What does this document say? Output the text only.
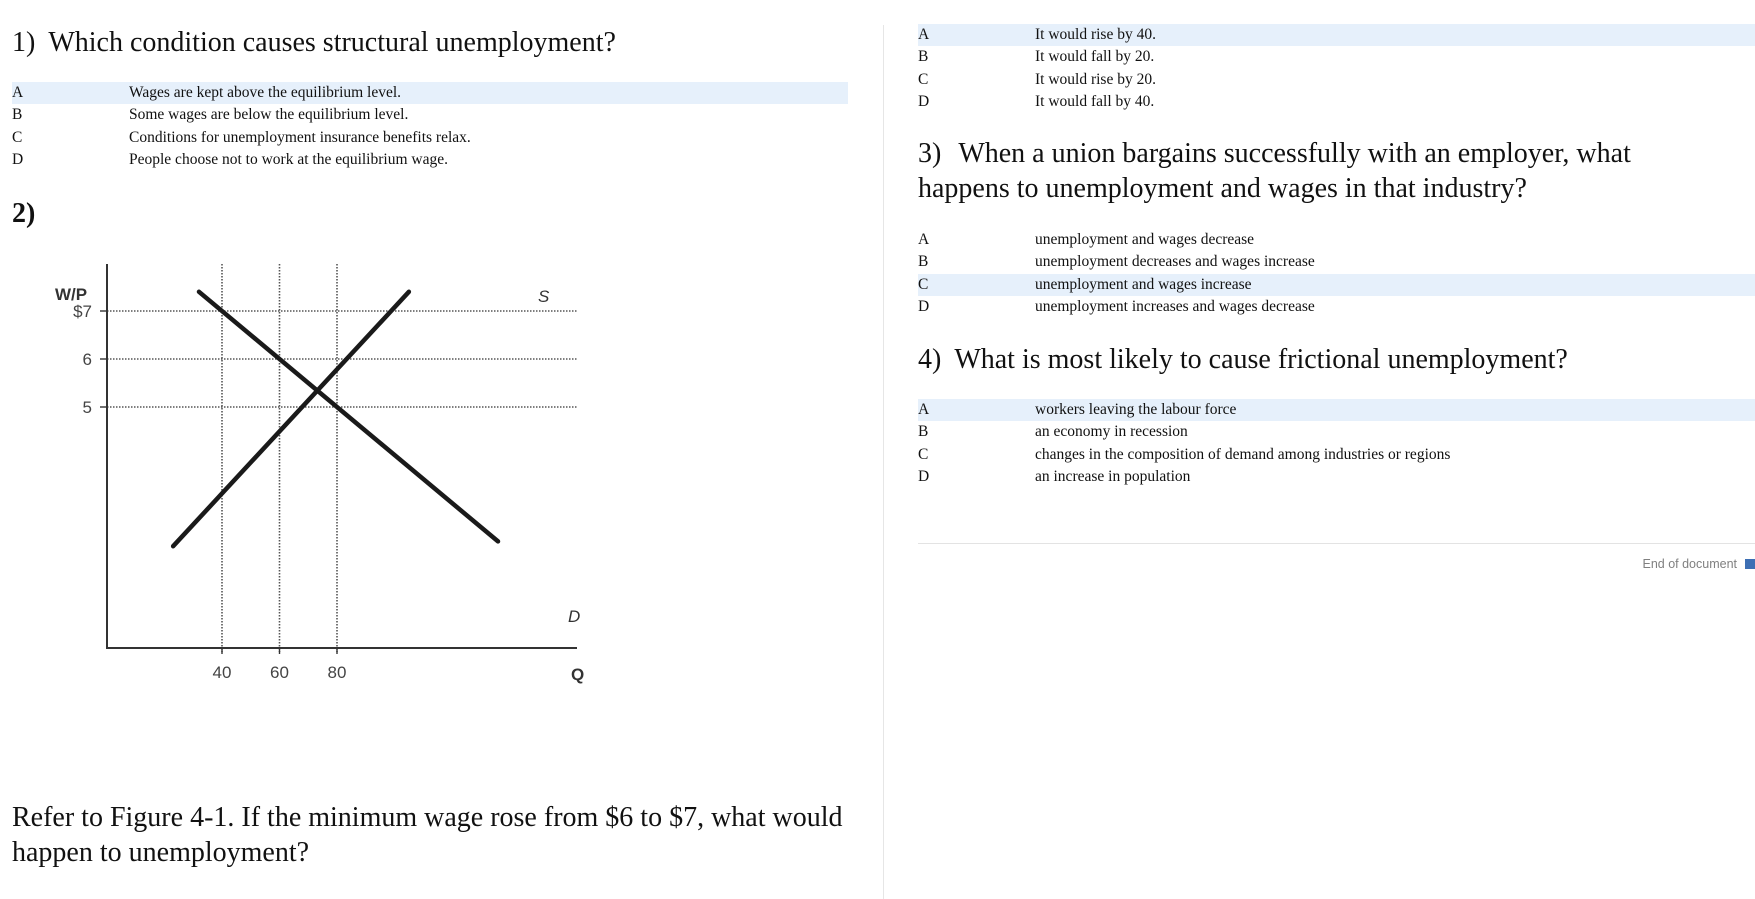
1) Which condition causes structural unemployment?
A	Wages are kept above the equilibrium level.
B	Some wages are below the equilibrium level.
C	Conditions for unemployment insurance benefits relax.
D	People choose not to work at the equilibrium wage.
2)
5
6
$7
40 60 80
W/P
Q
S
D
Refer to Figure 4-1. If the minimum wage rose from $6 to $7, what would happen to unemployment?
A	It would rise by 40.
B	It would fall by 20.
C	It would rise by 20.
D	It would fall by 40.
3) When a union bargains successfully with an employer, what happens to unemployment and wages in that industry?
A	unemployment and wages decrease
B	unemployment decreases and wages increase
C	unemployment and wages increase
D	unemployment increases and wages decrease
4) What is most likely to cause frictional unemployment?
A	workers leaving the labour force
B	an economy in recession
C	changes in the composition of demand among industries or regions
D	an increase in population
End of document
